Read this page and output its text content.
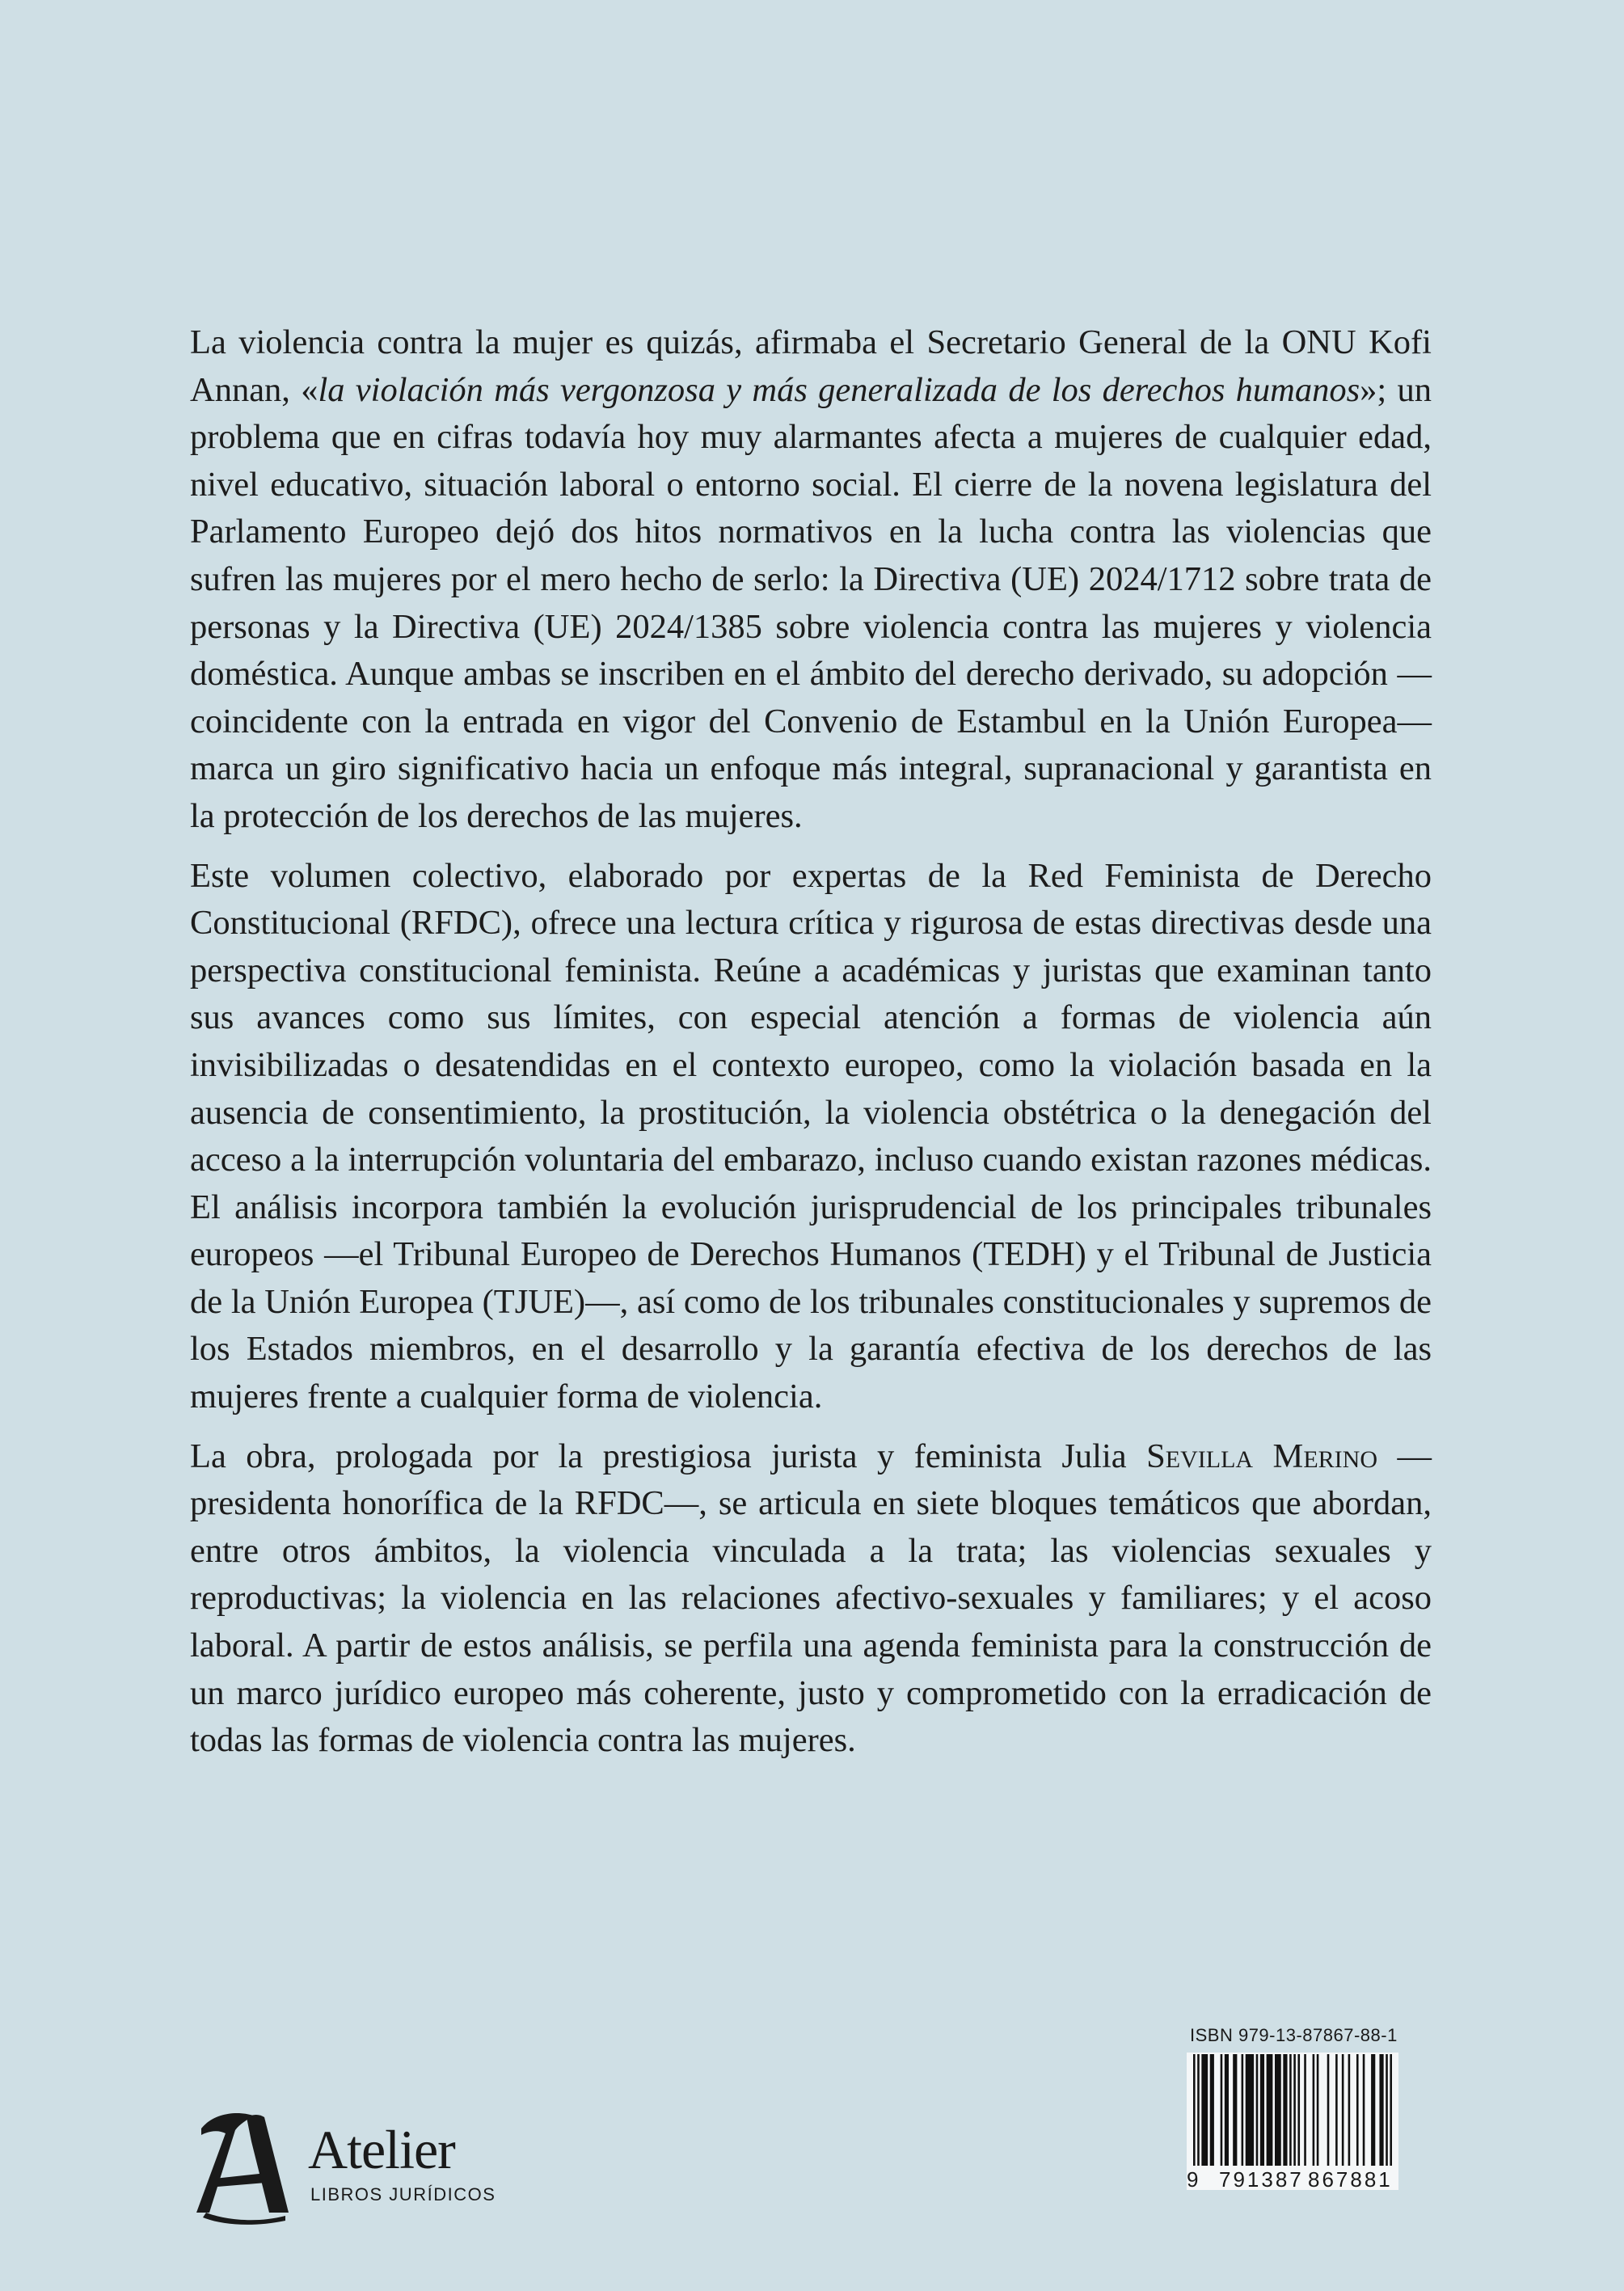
La violencia contra la mujer es quizás, afirmaba el Secretario General de la ONU Kofi Annan, «la violación más vergonzosa y más generalizada de los derechos humanos»; un problema que en cifras todavía hoy muy alarmantes afecta a mujeres de cualquier edad, nivel educativo, situación laboral o entorno social. El cierre de la novena legislatura del Parlamento Europeo dejó dos hitos normativos en la lucha contra las violencias que sufren las mujeres por el mero hecho de serlo: la Directiva (UE) 2024/1712 sobre trata de personas y la Directiva (UE) 2024/1385 sobre violencia contra las mujeres y violencia doméstica. Aunque ambas se inscriben en el ámbito del derecho derivado, su adopción —coincidente con la entrada en vigor del Convenio de Estambul en la Unión Europea— marca un giro significativo hacia un enfoque más integral, supranacional y garantista en la protección de los derechos de las mujeres.

Este volumen colectivo, elaborado por expertas de la Red Feminista de Derecho Constitucional (RFDC), ofrece una lectura crítica y rigurosa de estas directivas desde una perspectiva constitucional feminista. Reúne a académicas y juristas que examinan tanto sus avances como sus límites, con especial atención a formas de violencia aún invisibilizadas o desatendidas en el contexto europeo, como la violación basada en la ausencia de consentimiento, la prostitución, la violencia obstétrica o la denegación del acceso a la interrupción voluntaria del embarazo, incluso cuando existan razones médicas. El análisis incorpora también la evolución jurisprudencial de los principales tribunales europeos —el Tribunal Europeo de Derechos Humanos (TEDH) y el Tribunal de Justicia de la Unión Europea (TJUE)—, así como de los tribunales constitucionales y supremos de los Estados miembros, en el desarrollo y la garantía efectiva de los derechos de las mujeres frente a cualquier forma de violencia.

La obra, prologada por la prestigiosa jurista y feminista Julia Sevilla Merino —presidenta honorífica de la RFDC—, se articula en siete bloques temáticos que abordan, entre otros ámbitos, la violencia vinculada a la trata; las violencias sexuales y reproductivas; la violencia en las relaciones afectivo-sexuales y familiares; y el acoso laboral. A partir de estos análisis, se perfila una agenda feminista para la construcción de un marco jurídico europeo más coherente, justo y comprometido con la erradicación de todas las formas de violencia contra las mujeres.

ISBN 979-13-87867-88-1
9 791387 867881
Atelier
LIBROS JURÍDICOS
